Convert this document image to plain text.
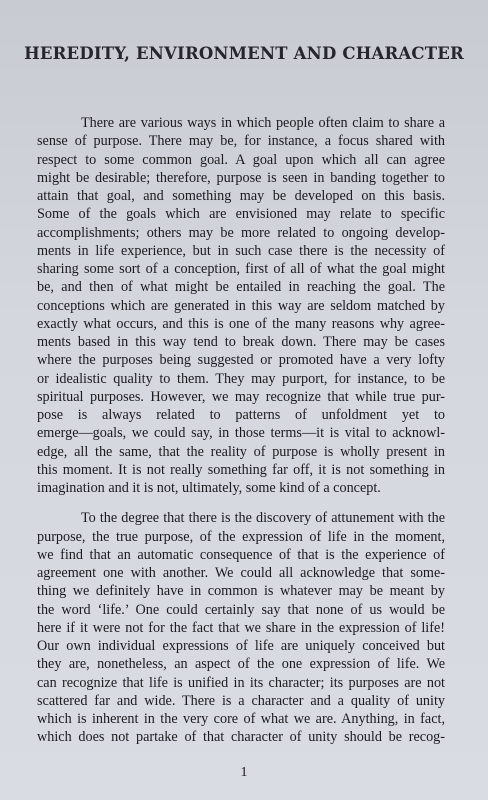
HEREDITY, ENVIRONMENT AND CHARACTER
There are various ways in which people often claim to share a
sense of purpose. There may be, for instance, a focus shared with
respect to some common goal. A goal upon which all can agree
might be desirable; therefore, purpose is seen in banding together to
attain that goal, and something may be developed on this basis.
Some of the goals which are envisioned may relate to specific
accomplishments; others may be more related to ongoing develop-
ments in life experience, but in such case there is the necessity of
sharing some sort of a conception, first of all of what the goal might
be, and then of what might be entailed in reaching the goal. The
conceptions which are generated in this way are seldom matched by
exactly what occurs, and this is one of the many reasons why agree-
ments based in this way tend to break down. There may be cases
where the purposes being suggested or promoted have a very lofty
or idealistic quality to them. They may purport, for instance, to be
spiritual purposes. However, we may recognize that while true pur-
pose is always related to patterns of unfoldment yet to
emerge—goals, we could say, in those terms—it is vital to acknowl-
edge, all the same, that the reality of purpose is wholly present in
this moment. It is not really something far off, it is not something in
imagination and it is not, ultimately, some kind of a concept.
To the degree that there is the discovery of attunement with the
purpose, the true purpose, of the expression of life in the moment,
we find that an automatic consequence of that is the experience of
agreement one with another. We could all acknowledge that some-
thing we definitely have in common is whatever may be meant by
the word ‘life.’ One could certainly say that none of us would be
here if it were not for the fact that we share in the expression of life!
Our own individual expressions of life are uniquely conceived but
they are, nonetheless, an aspect of the one expression of life. We
can recognize that life is unified in its character; its purposes are not
scattered far and wide. There is a character and a quality of unity
which is inherent in the very core of what we are. Anything, in fact,
which does not partake of that character of unity should be recog-
1
